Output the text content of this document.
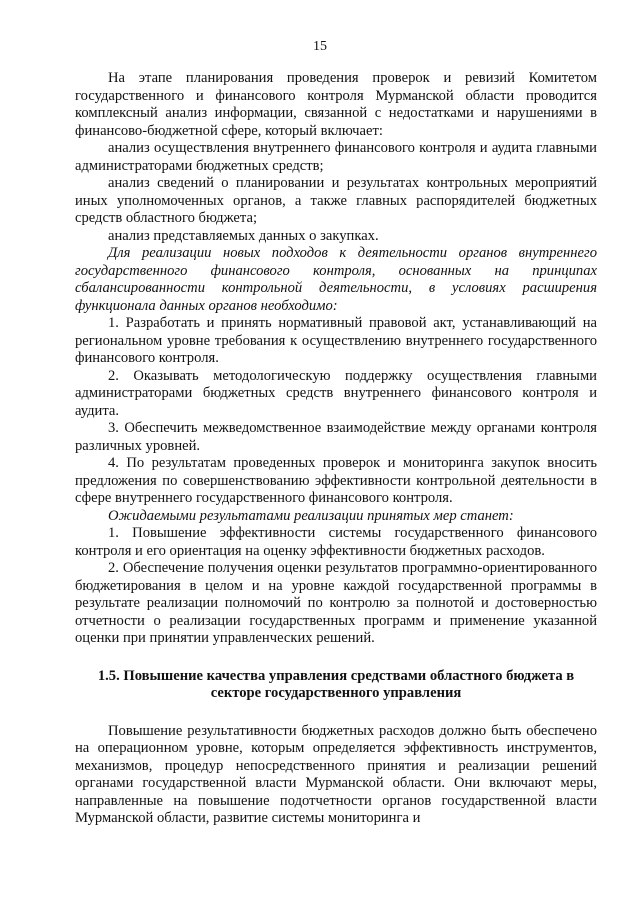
15

На этапе планирования проведения проверок и ревизий Комитетом государственного и финансового контроля Мурманской области проводится комплексный анализ информации, связанной с недостатками и нарушениями в финансово-бюджетной сфере, который включает:

анализ осуществления внутреннего финансового контроля и аудита главными администраторами бюджетных средств;

анализ сведений о планировании и результатах контрольных мероприятий иных уполномоченных органов, а также главных распорядителей бюджетных средств областного бюджета;

анализ представляемых данных о закупках.

Для реализации новых подходов к деятельности органов внутреннего государственного финансового контроля, основанных на принципах сбалансированности контрольной деятельности, в условиях расширения функционала данных органов необходимо:

1. Разработать и принять нормативный правовой акт, устанавливающий на региональном уровне требования к осуществлению внутреннего государственного финансового контроля.

2. Оказывать методологическую поддержку осуществления главными администраторами бюджетных средств внутреннего финансового контроля и аудита.

3. Обеспечить межведомственное взаимодействие между органами контроля различных уровней.

4. По результатам проведенных проверок и мониторинга закупок вносить предложения по совершенствованию эффективности контрольной деятельности в сфере внутреннего государственного финансового контроля.

Ожидаемыми результатами реализации принятых мер станет:

1. Повышение эффективности системы государственного финансового контроля и его ориентация на оценку эффективности бюджетных расходов.

2. Обеспечение получения оценки результатов программно-ориентированного бюджетирования в целом и на уровне каждой государственной программы в результате реализации полномочий по контролю за полнотой и достоверностью отчетности о реализации государственных программ и применение указанной оценки при принятии управленческих решений.

1.5. Повышение качества управления средствами областного бюджета в
секторе государственного управления

Повышение результативности бюджетных расходов должно быть обеспечено на операционном уровне, которым определяется эффективность инструментов, механизмов, процедур непосредственного принятия и реализации решений органами государственной власти Мурманской области. Они включают меры, направленные на повышение подотчетности органов государственной власти Мурманской области, развитие системы мониторинга и
